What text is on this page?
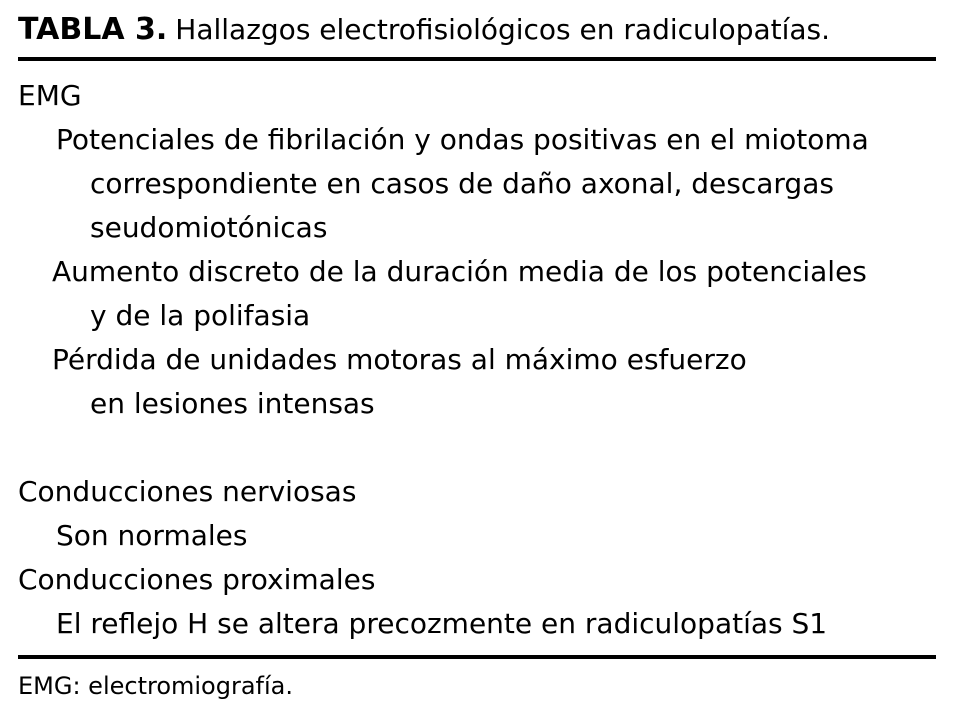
TABLA 3. Hallazgos electrofisiológicos en radiculopatías.
EMG
Potenciales de fibrilación y ondas positivas en el miotoma
correspondiente en casos de daño axonal, descargas
seudomiotónicas
Aumento discreto de la duración media de los potenciales
y de la polifasia
Pérdida de unidades motoras al máximo esfuerzo
en lesiones intensas
Conducciones nerviosas
Son normales
Conducciones proximales
El reflejo H se altera precozmente en radiculopatías S1
EMG: electromiografía.
